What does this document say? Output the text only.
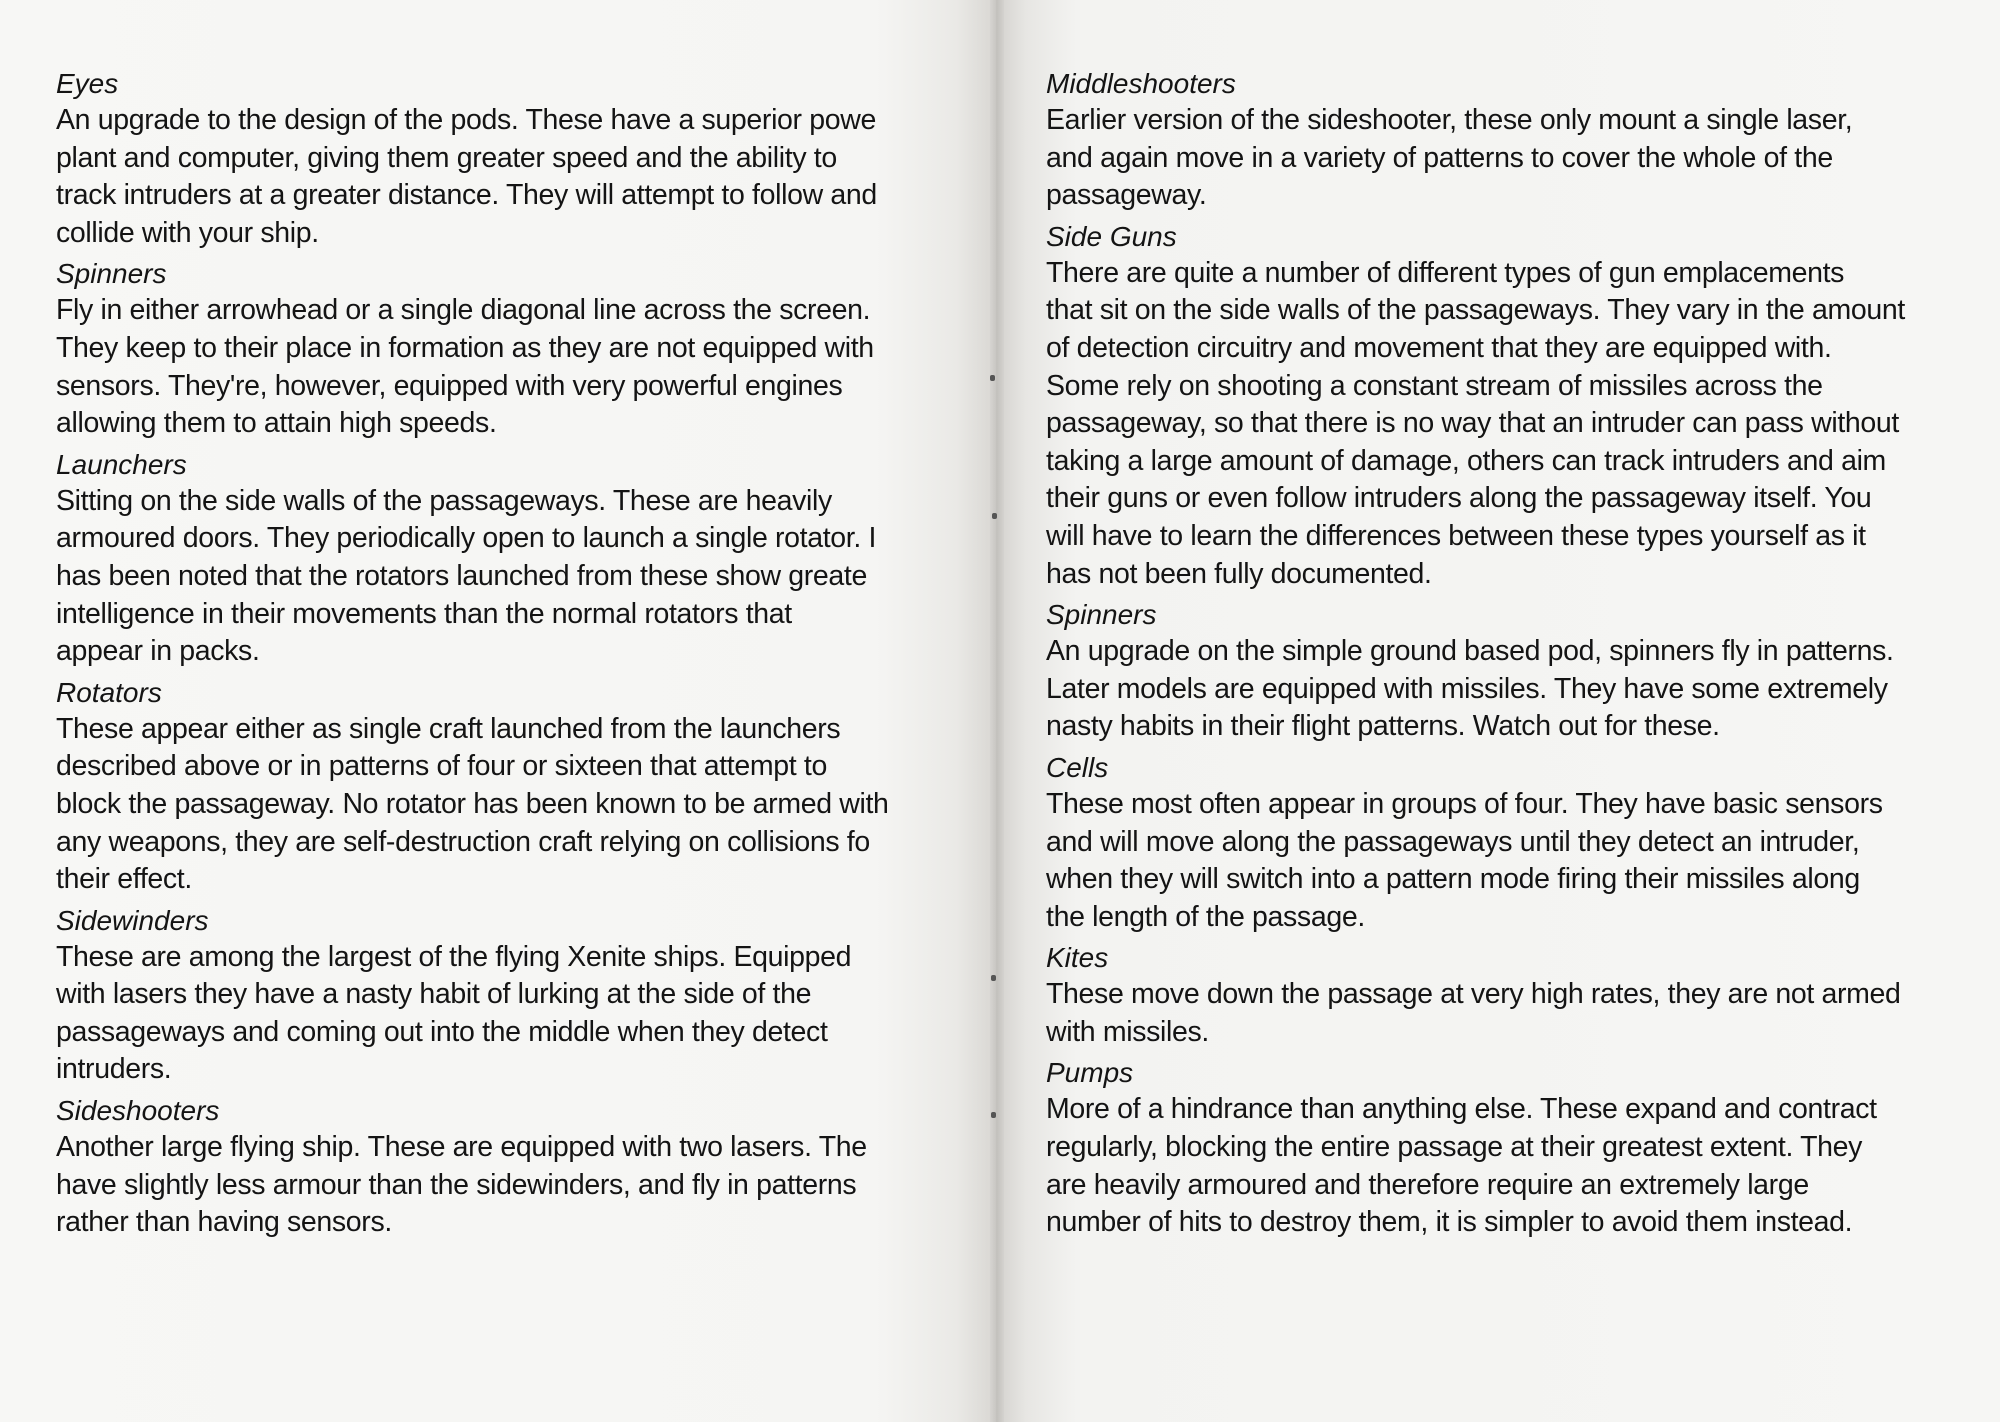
Eyes
An upgrade to the design of the pods. These have a superior powe
plant and computer, giving them greater speed and the ability to
track intruders at a greater distance. They will attempt to follow and
collide with your ship.
Spinners
Fly in either arrowhead or a single diagonal line across the screen.
They keep to their place in formation as they are not equipped with
sensors. They're, however, equipped with very powerful engines
allowing them to attain high speeds.
Launchers
Sitting on the side walls of the passageways. These are heavily
armoured doors. They periodically open to launch a single rotator. I
has been noted that the rotators launched from these show greate
intelligence in their movements than the normal rotators that
appear in packs.
Rotators
These appear either as single craft launched from the launchers
described above or in patterns of four or sixteen that attempt to
block the passageway. No rotator has been known to be armed with
any weapons, they are self-destruction craft relying on collisions fo
their effect.
Sidewinders
These are among the largest of the flying Xenite ships. Equipped
with lasers they have a nasty habit of lurking at the side of the
passageways and coming out into the middle when they detect
intruders.
Sideshooters
Another large flying ship. These are equipped with two lasers. The
have slightly less armour than the sidewinders, and fly in patterns
rather than having sensors.
Middleshooters
Earlier version of the sideshooter, these only mount a single laser,
and again move in a variety of patterns to cover the whole of the
passageway.
Side Guns
There are quite a number of different types of gun emplacements
that sit on the side walls of the passageways. They vary in the amount
of detection circuitry and movement that they are equipped with.
Some rely on shooting a constant stream of missiles across the
passageway, so that there is no way that an intruder can pass without
taking a large amount of damage, others can track intruders and aim
their guns or even follow intruders along the passageway itself. You
will have to learn the differences between these types yourself as it
has not been fully documented.
Spinners
An upgrade on the simple ground based pod, spinners fly in patterns.
Later models are equipped with missiles. They have some extremely
nasty habits in their flight patterns. Watch out for these.
Cells
These most often appear in groups of four. They have basic sensors
and will move along the passageways until they detect an intruder,
when they will switch into a pattern mode firing their missiles along
the length of the passage.
Kites
These move down the passage at very high rates, they are not armed
with missiles.
Pumps
More of a hindrance than anything else. These expand and contract
regularly, blocking the entire passage at their greatest extent. They
are heavily armoured and therefore require an extremely large
number of hits to destroy them, it is simpler to avoid them instead.
